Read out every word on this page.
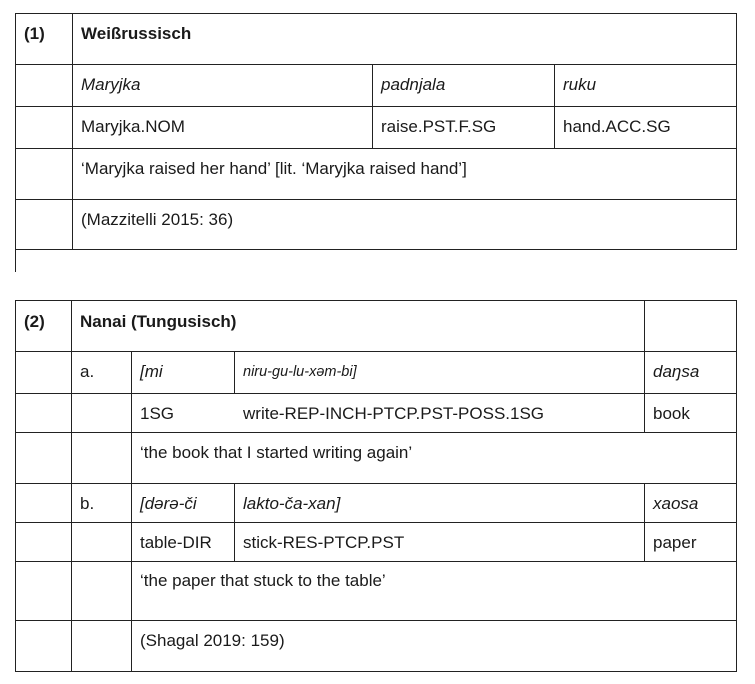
(1)	Weißrussisch
Maryjka	padnjala	ruku
Maryjka.NOM	raise.PST.F.SG	hand.ACC.SG
‘Maryjka raised her hand’ [lit. ‘Maryjka raised hand’]
(Mazzitelli 2015: 36)
(2)	Nanai (Tungusisch)
a.	[mi	niru-gu-lu-xəm-bi]	daŋsa
1SG	write-REP-INCH-PTCP.PST-POSS.1SG	book
‘the book that I started writing again’
b.	[dərə-či	lakto-ča-xan]	xaosa
table-DIR	stick-RES-PTCP.PST	paper
‘the paper that stuck to the table’
(Shagal 2019: 159)
